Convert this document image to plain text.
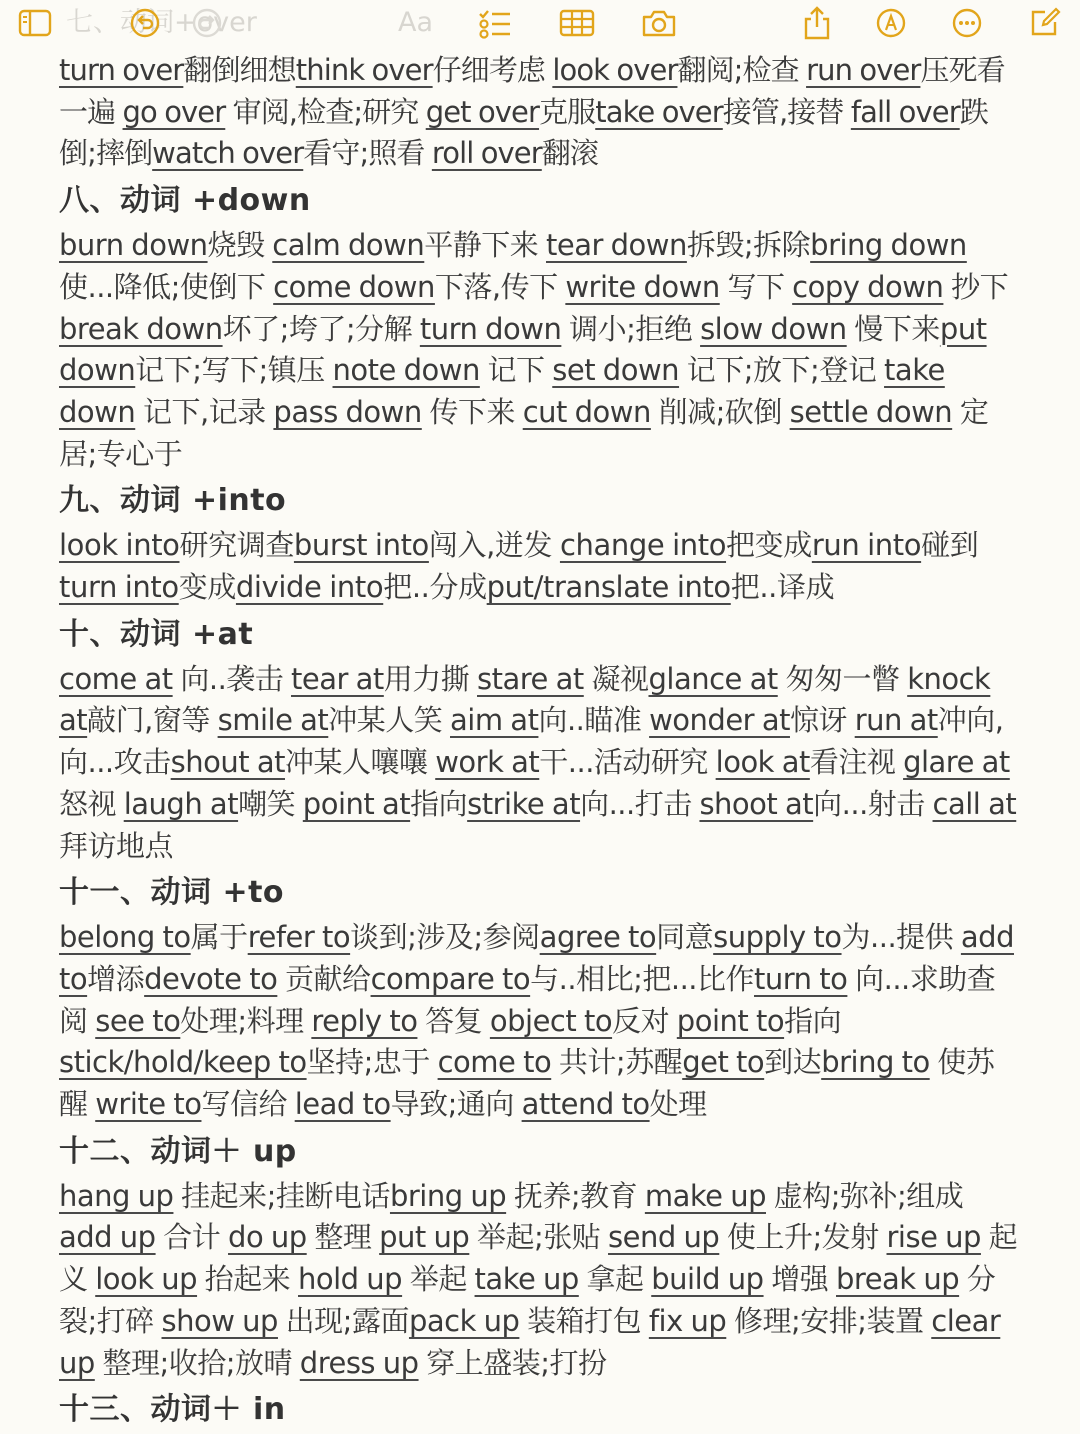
七、动词+over	Aa

turn over翻倒细想think over仔细考虑 look over翻阅;检查 run over压死看一遍 go over 审阅,检查;研究 get over克服take over接管,接替 fall over跌倒;摔倒watch over看守;照看 roll over翻滚

八、动词 +down

burn down烧毁 calm down平静下来 tear down拆毁;拆除bring down 使...降低;使倒下 come down下落,传下 write down 写下 copy down 抄下 break down坏了;垮了;分解 turn down 调小;拒绝 slow down 慢下来put down记下;写下;镇压 note down 记下 set down 记下;放下;登记 take down 记下,记录 pass down 传下来 cut down 削减;砍倒 settle down 定居;专心于

九、动词 +into

look into研究调查burst into闯入,迸发 change into把变成run into碰到turn into变成divide into把..分成put/translate into把..译成

十、动词 +at

come at 向..袭击 tear at用力撕 stare at 凝视glance at 匆匆一瞥 knock at敲门,窗等 smile at冲某人笑 aim at向..瞄准 wonder at惊讶 run at冲向,向...攻击shout at冲某人嚷嚷 work at干...活动研究 look at看注视 glare at 怒视 laugh at嘲笑 point at指向strike at向...打击 shoot at向...射击 call at拜访地点

十一、动词 +to

belong to属于refer to谈到;涉及;参阅agree to同意supply to为...提供 add to增添devote to 贡献给compare to与..相比;把...比作turn to 向...求助查阅 see to处理;料理 reply to 答复 object to反对 point to指向stick/hold/keep to坚持;忠于 come to 共计;苏醒get to到达bring to 使苏醒 write to写信给 lead to导致;通向 attend to处理

十二、动词＋ up

hang up 挂起来;挂断电话bring up 抚养;教育 make up 虚构;弥补;组成 add up 合计 do up 整理 put up 举起;张贴 send up 使上升;发射 rise up 起义 look up 抬起来 hold up 举起 take up 拿起 build up 增强 break up 分裂;打碎 show up 出现;露面pack up 装箱打包 fix up 修理;安排;装置 clear up 整理;收拾;放晴 dress up 穿上盛装;打扮

十三、动词＋ in
